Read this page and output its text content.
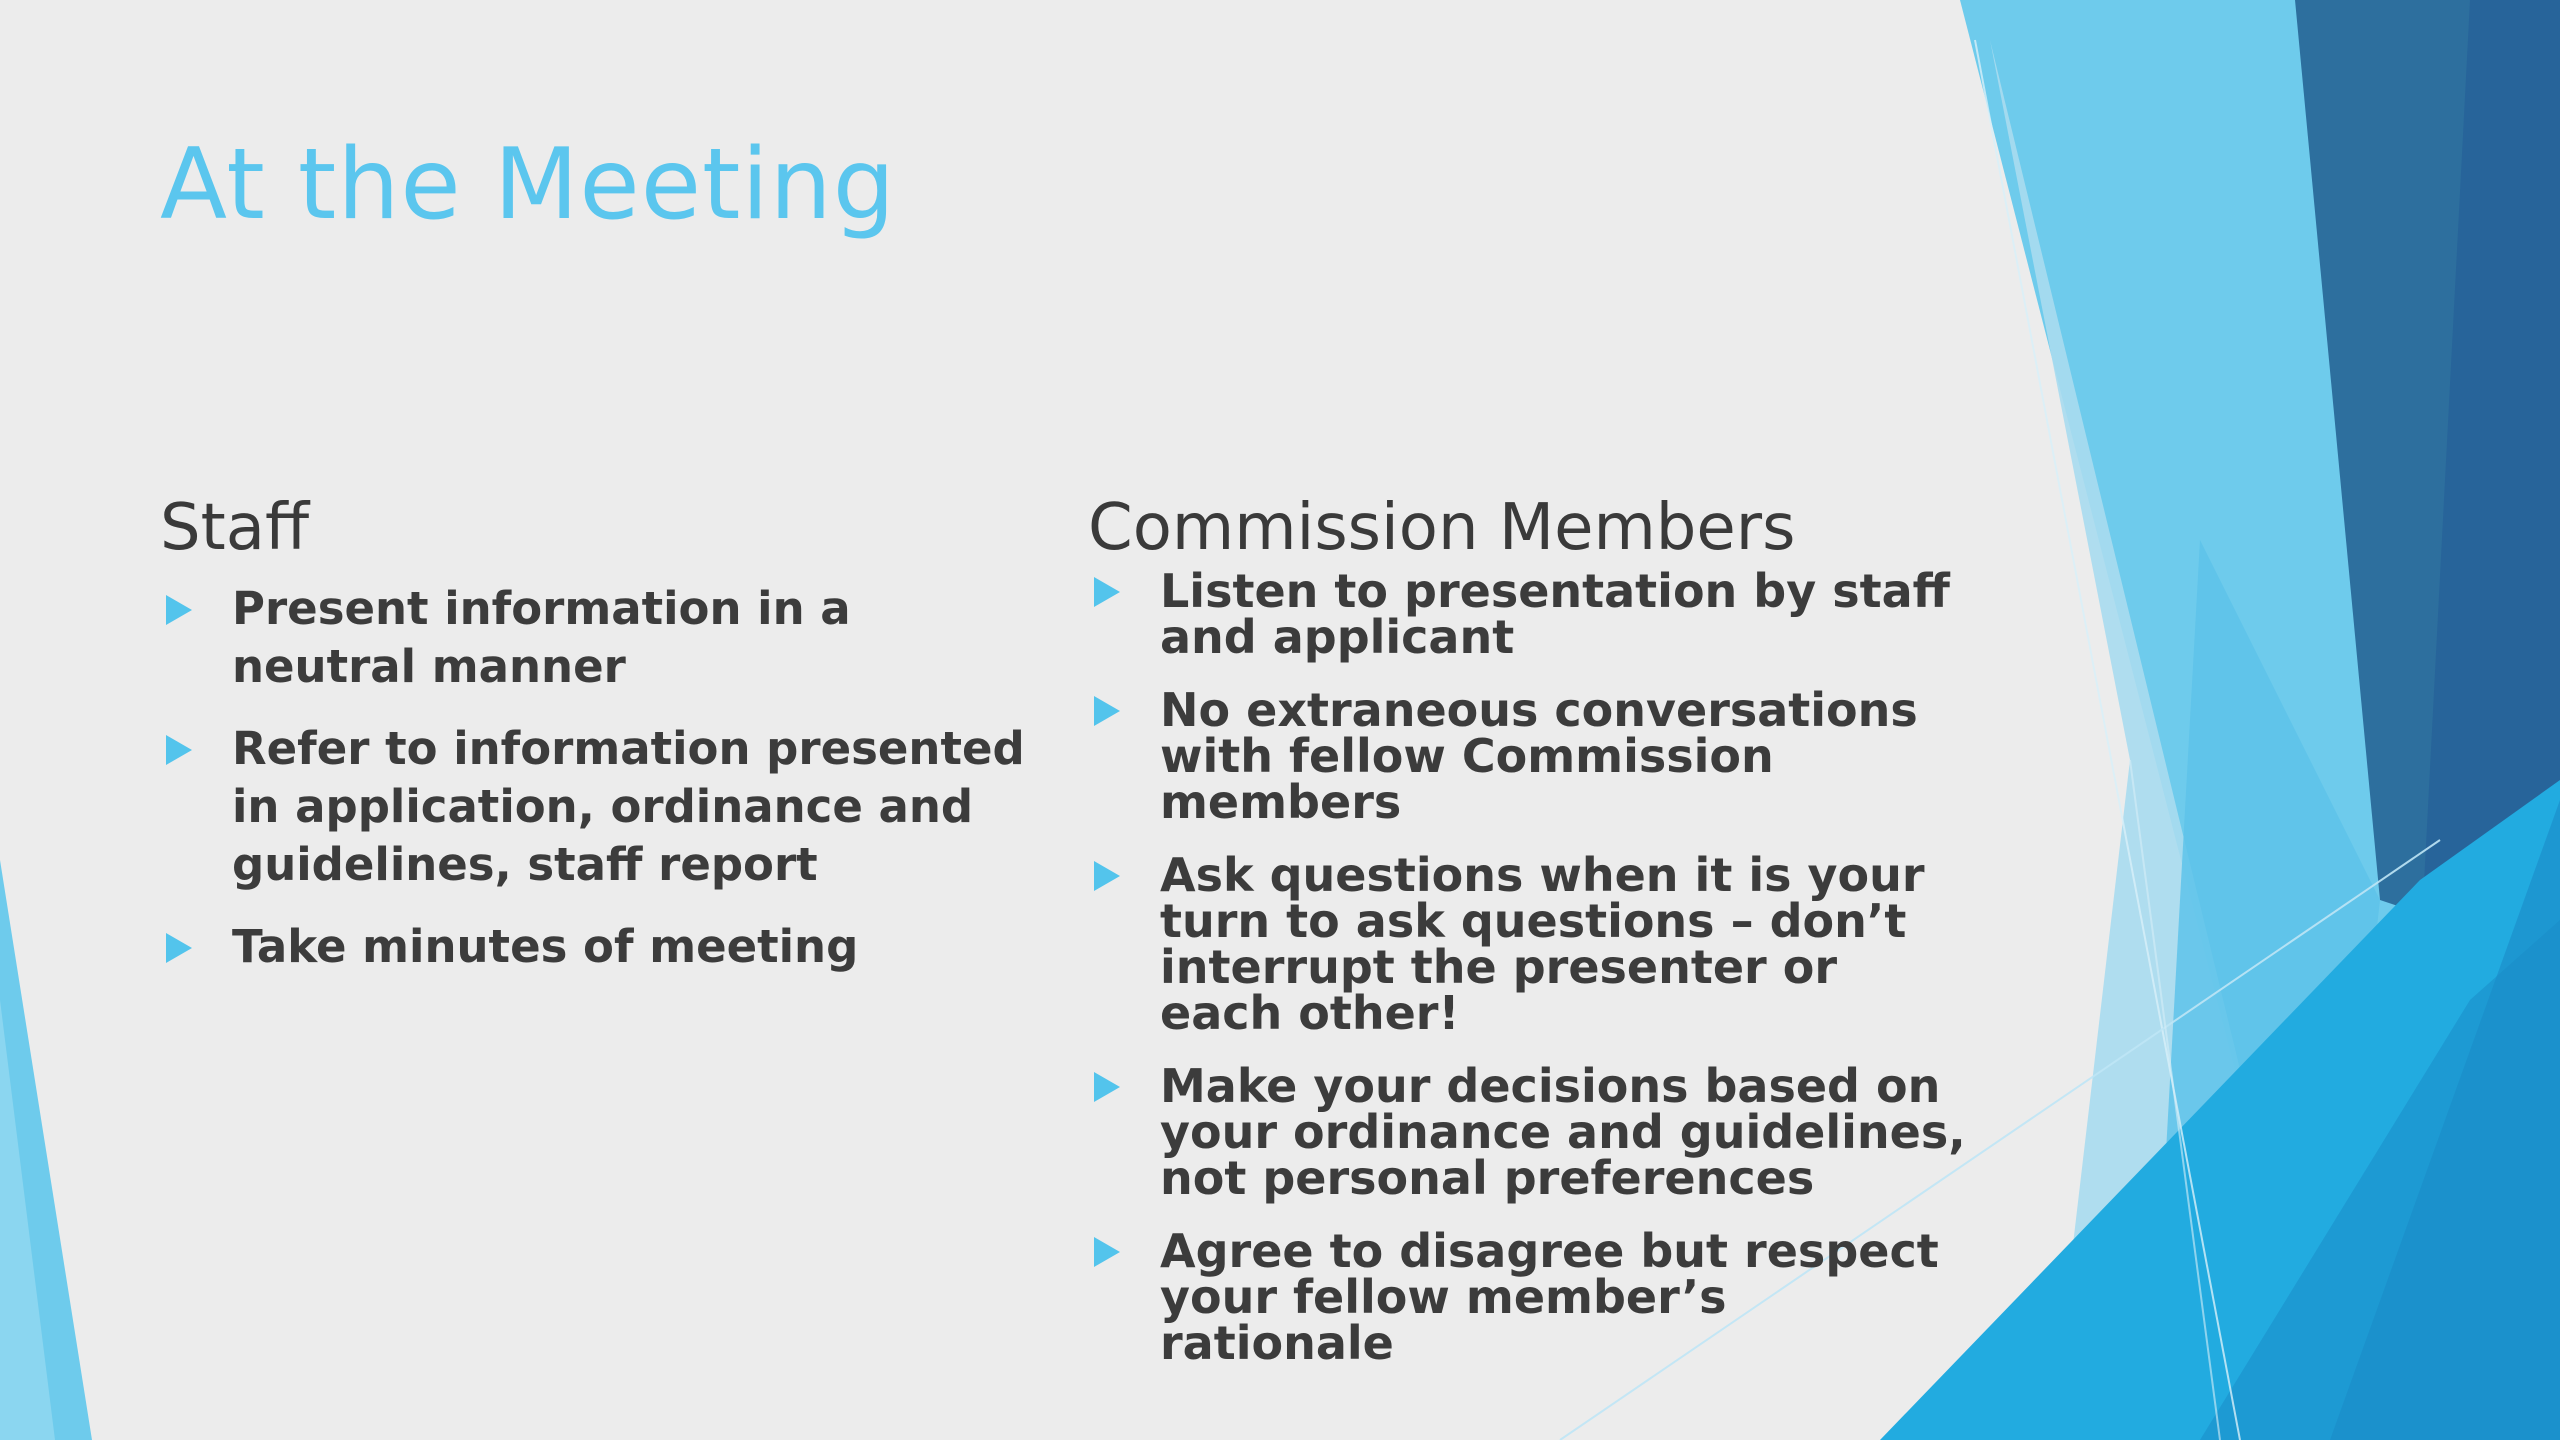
At the Meeting
Staff
Present information in a neutral manner
Refer to information presented in application, ordinance and guidelines, staff report
Take minutes of meeting
Commission Members
Listen to presentation by staff and applicant
No extraneous conversations with fellow Commission members
Ask questions when it is your turn to ask questions – don’t interrupt the presenter or each other!
Make your decisions based on your ordinance and guidelines, not personal preferences
Agree to disagree but respect your fellow member’s rationale
